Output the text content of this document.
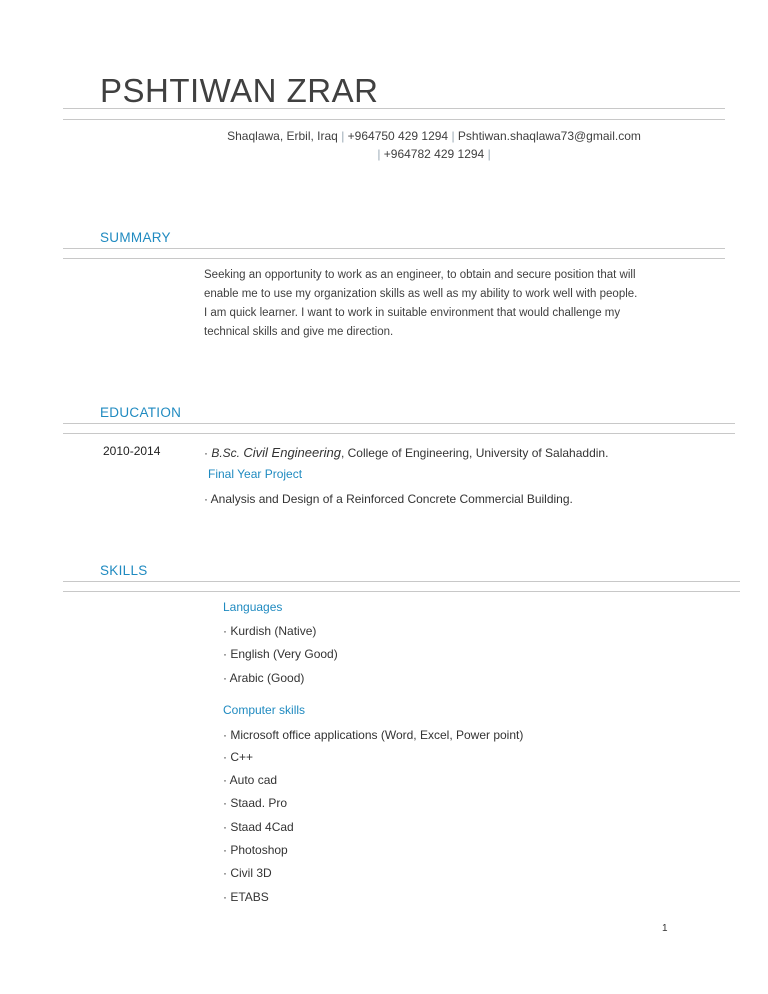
PSHTIWAN ZRAR
Shaqlawa, Erbil, Iraq | +964750 429 1294 | Pshtiwan.shaqlawa73@gmail.com
| +964782 429 1294 |
SUMMARY
Seeking an opportunity to work as an engineer, to obtain and secure position that will
enable me to use my organization skills as well as my ability to work well with people.
I am quick learner. I want to work in suitable environment that would challenge my
technical skills and give me direction.
EDUCATION
2010-2014	· B.Sc. Civil Engineering, College of Engineering, University of Salahaddin.
Final Year Project
· Analysis and Design of a Reinforced Concrete Commercial Building.
SKILLS
Languages
· Kurdish (Native)
· English (Very Good)
· Arabic (Good)
Computer skills
· Microsoft office applications (Word, Excel, Power point)
· C++
· Auto cad
· Staad. Pro
· Staad 4Cad
· Photoshop
· Civil 3D
· ETABS
1
